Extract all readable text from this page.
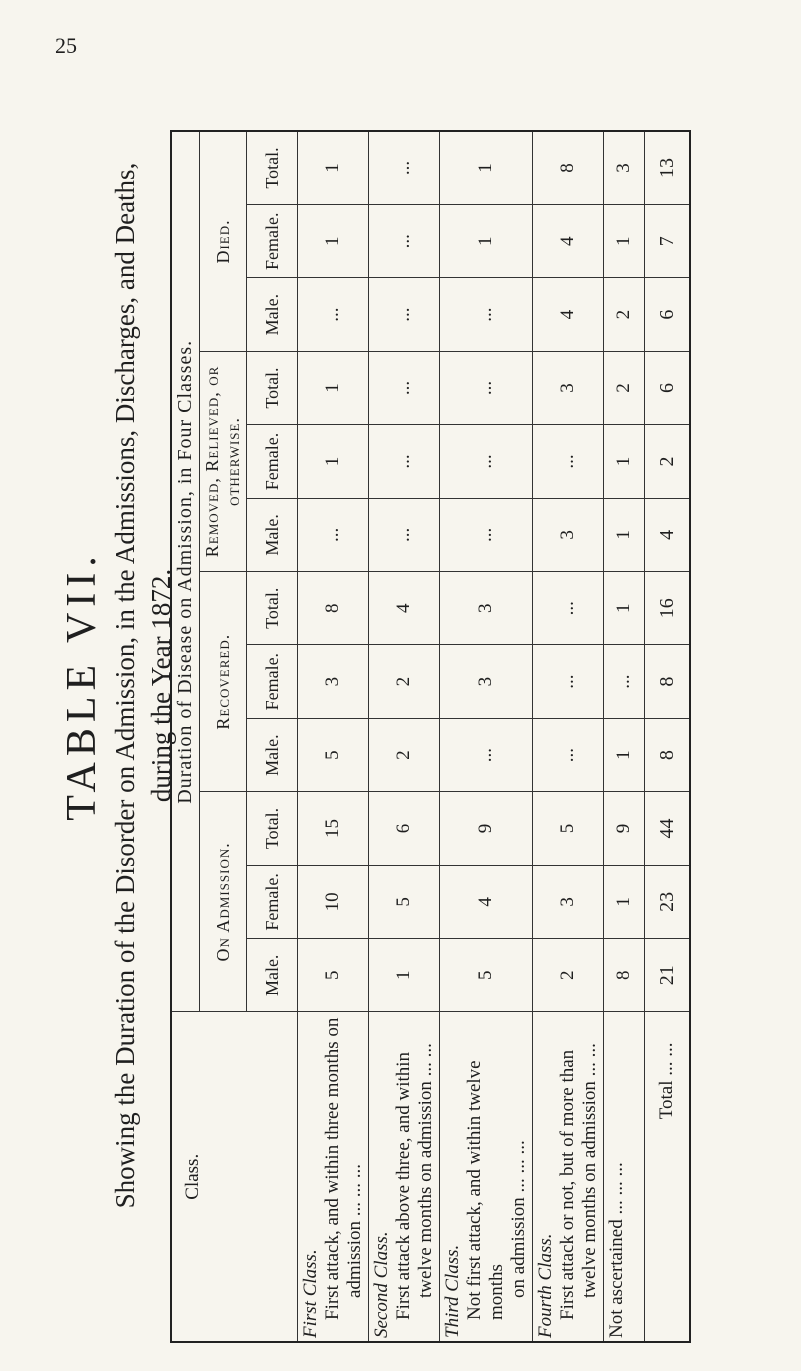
25
TABLE VII. Showing the Duration of the Disorder on Admission, in the Admissions, Discharges, and Deaths, during the Year 1872.
Class.	Duration of Disease on Admission, in Four Classes.											
	On Admission.			Recovered.			Removed, Relieved, or otherwise.			Died.		
	Male.	Female.	Total.	Male.	Female.	Total.	Male.	Female.	Total.	Male.	Female.	Total.

First Class. First attack, and within three months on admission ... ... ...	5	10	15	5	3	8	...	1	1	...	1	1

Second Class. First attack above three, and within twelve months on admission ... ...	1	5	6	2	2	4	...	...	...	...	...	...

Third Class. Not first attack, and within twelve months on admission ... ... ...	5	4	9	...	3	3	...	...	...	...	1	1

Fourth Class. First attack or not, but of more than twelve months on admission ... ...	2	3	5	...	...	...	3	...	3	4	4	8

Not ascertained ... ... ...	8	1	9	1	...	1	1	1	2	2	1	3
Total ... ...	21	23	44	8	8	16	4	2	6	6	7	13
